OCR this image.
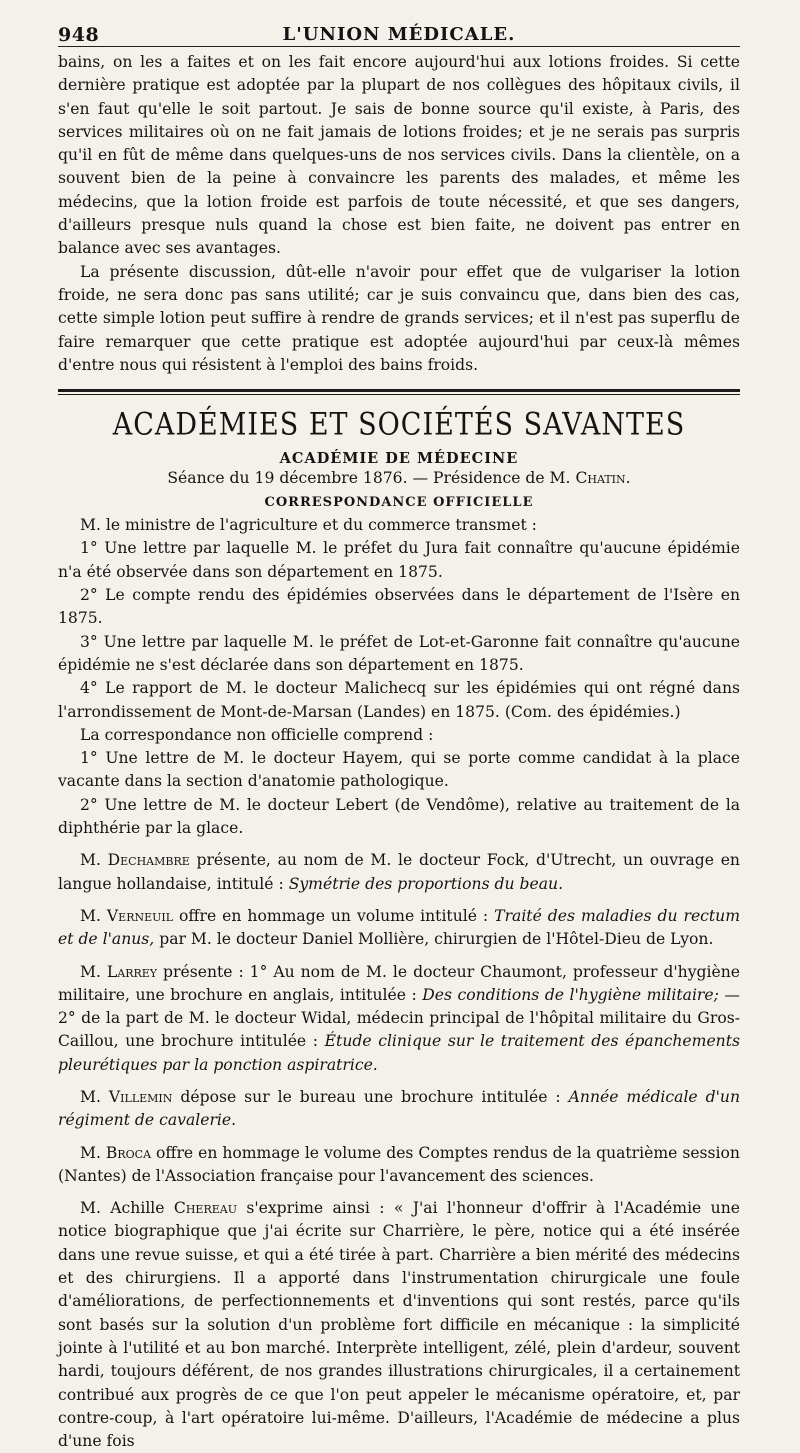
948	L'UNION MÉDICALE.

bains, on les a faites et on les fait encore aujourd'hui aux lotions froides. Si cette dernière pratique est adoptée par la plupart de nos collègues des hôpitaux civils, il s'en faut qu'elle le soit partout. Je sais de bonne source qu'il existe, à Paris, des services militaires où on ne fait jamais de lotions froides; et je ne serais pas surpris qu'il en fût de même dans quelques-uns de nos services civils. Dans la clientèle, on a souvent bien de la peine à convaincre les parents des malades, et même les médecins, que la lotion froide est parfois de toute nécessité, et que ses dangers, d'ailleurs presque nuls quand la chose est bien faite, ne doivent pas entrer en balance avec ses avantages.

La présente discussion, dût-elle n'avoir pour effet que de vulgariser la lotion froide, ne sera donc pas sans utilité; car je suis convaincu que, dans bien des cas, cette simple lotion peut suffire à rendre de grands services; et il n'est pas superflu de faire remarquer que cette pratique est adoptée aujourd'hui par ceux-là mêmes d'entre nous qui résistent à l'emploi des bains froids.

ACADÉMIES ET SOCIÉTÉS SAVANTES
ACADÉMIE DE MÉDECINE
Séance du 19 décembre 1876. — Présidence de M. Chatin.
CORRESPONDANCE OFFICIELLE

M. le ministre de l'agriculture et du commerce transmet :

1° Une lettre par laquelle M. le préfet du Jura fait connaître qu'aucune épidémie n'a été observée dans son département en 1875.

2° Le compte rendu des épidémies observées dans le département de l'Isère en 1875.

3° Une lettre par laquelle M. le préfet de Lot-et-Garonne fait connaître qu'aucune épidémie ne s'est déclarée dans son département en 1875.

4° Le rapport de M. le docteur Malichecq sur les épidémies qui ont régné dans l'arrondissement de Mont-de-Marsan (Landes) en 1875. (Com. des épidémies.)

La correspondance non officielle comprend :

1° Une lettre de M. le docteur Hayem, qui se porte comme candidat à la place vacante dans la section d'anatomie pathologique.

2° Une lettre de M. le docteur Lebert (de Vendôme), relative au traitement de la diphthérie par la glace.

M. Dechambre présente, au nom de M. le docteur Fock, d'Utrecht, un ouvrage en langue hollandaise, intitulé : Symétrie des proportions du beau.

M. Verneuil offre en hommage un volume intitulé : Traité des maladies du rectum et de l'anus, par M. le docteur Daniel Mollière, chirurgien de l'Hôtel-Dieu de Lyon.

M. Larrey présente : 1° Au nom de M. le docteur Chaumont, professeur d'hygiène militaire, une brochure en anglais, intitulée : Des conditions de l'hygiène militaire; — 2° de la part de M. le docteur Widal, médecin principal de l'hôpital militaire du Gros-Caillou, une brochure intitulée : Étude clinique sur le traitement des épanchements pleurétiques par la ponction aspiratrice.

M. Villemin dépose sur le bureau une brochure intitulée : Année médicale d'un régiment de cavalerie.

M. Broca offre en hommage le volume des Comptes rendus de la quatrième session (Nantes) de l'Association française pour l'avancement des sciences.

M. Achille Chereau s'exprime ainsi : « J'ai l'honneur d'offrir à l'Académie une notice biographique que j'ai écrite sur Charrière, le père, notice qui a été insérée dans une revue suisse, et qui a été tirée à part. Charrière a bien mérité des médecins et des chirurgiens. Il a apporté dans l'instrumentation chirurgicale une foule d'améliorations, de perfectionnements et d'inventions qui sont restés, parce qu'ils sont basés sur la solution d'un problème fort difficile en mécanique : la simplicité jointe à l'utilité et au bon marché. Interprète intelligent, zélé, plein d'ardeur, souvent hardi, toujours déférent, de nos grandes illustrations chirurgicales, il a certainement contribué aux progrès de ce que l'on peut appeler le mécanisme opératoire, et, par contre-coup, à l'art opératoire lui-même. D'ailleurs, l'Académie de médecine a plus d'une fois
